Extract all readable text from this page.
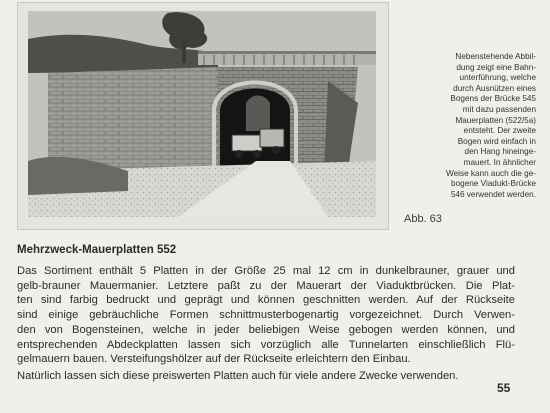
Nebenstehende Abbil-
dung zeigt eine Bahn-
unterführung, welche
durch Ausnützen eines
Bogens der Brücke 545
mit dazu passenden
Mauerplatten (522/5a)
entsteht. Der zweite
Bogen wird einfach in
den Hang hineinge-
mauert. In ähnlicher
Weise kann auch die ge-
bogene Viadukt-Brücke
546 verwendet werden.
Abb. 63
Mehrzweck-Mauerplatten 552
Das Sortiment enthält 5 Platten in der Größe 25 mal 12 cm in dunkelbrauner, grauer und
gelb-brauner Mauermanier. Letztere paßt zu der Mauerart der Viaduktbrücken. Die Plat-
ten sind farbig bedruckt und geprägt und können geschnitten werden. Auf der Rückseite
sind einige gebräuchliche Formen schnittmusterbogenartig vorgezeichnet. Durch Verwen-
den von Bogensteinen, welche in jeder beliebigen Weise gebogen werden können, und
entsprechenden Abdeckplatten lassen sich vorzüglich alle Tunnelarten einschließlich Flü-
gelmauern bauen. Versteifungshölzer auf der Rückseite erleichtern den Einbau.
Natürlich lassen sich diese preiswerten Platten auch für viele andere Zwecke verwenden.
55
